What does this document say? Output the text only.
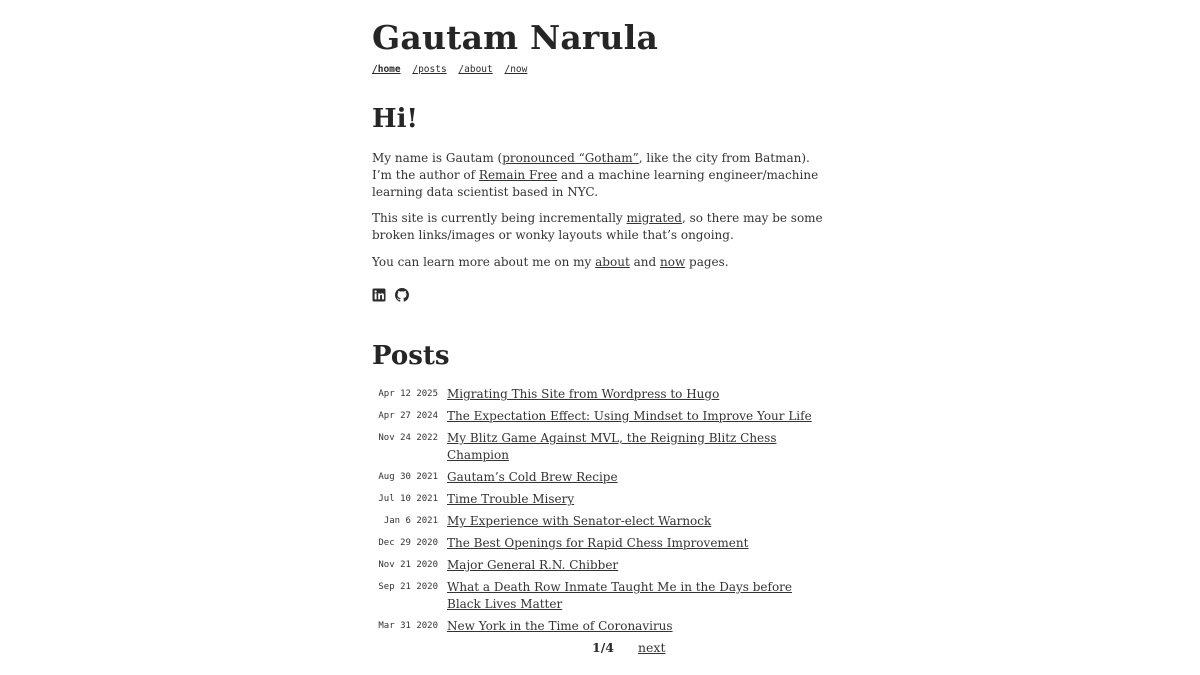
Gautam Narula
/home /posts /about /now
Hi!

My name is Gautam (pronounced “Gotham”, like the city from Batman). I’m the author of Remain Free and a machine learning engineer/machine learning data scientist based in NYC.

This site is currently being incrementally migrated, so there may be some broken links/images or wonky layouts while that’s ongoing.

You can learn more about me on my about and now pages.

Posts
Apr 12 2025 Migrating This Site from Wordpress to Hugo
Apr 27 2024 The Expectation Effect: Using Mindset to Improve Your Life
Nov 24 2022 My Blitz Game Against MVL, the Reigning Blitz Chess Champion
Aug 30 2021 Gautam’s Cold Brew Recipe
Jul 10 2021 Time Trouble Misery
Jan 6 2021 My Experience with Senator-elect Warnock
Dec 29 2020 The Best Openings for Rapid Chess Improvement
Nov 21 2020 Major General R.N. Chibber
Sep 21 2020 What a Death Row Inmate Taught Me in the Days before Black Lives Matter
Mar 31 2020 New York in the Time of Coronavirus
1/4 next
